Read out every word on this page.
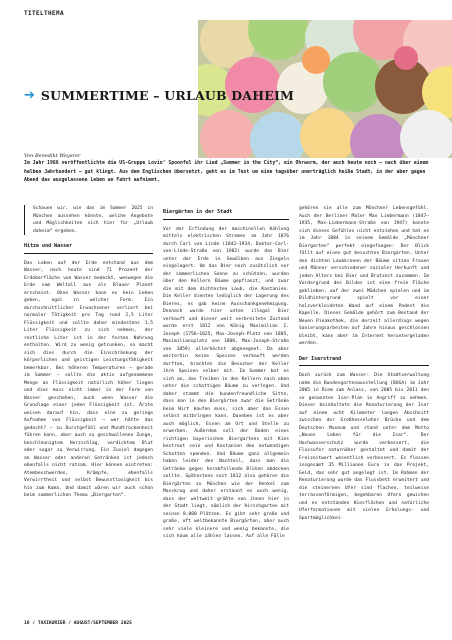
TITELTHEMA
➔ SUMMERTIME – URLAUB DAHEIM
Von Benedikt Weyerer
Im Jahr 1966 veröffentlichte die US-Gruppe Lovin’ Spoonful ihr Lied „Summer in the City“, ein Ohrwurm, der auch heute noch – nach über einem halben Jahrhundert – gut klingt. Aus dem Englischen übersetzt, geht es im Text um eine tagsüber unerträglich heiße Stadt, in der aber gegen Abend das ausgelassene Leben an Fahrt aufnimmt.
Schauen wir, wie das im Sommer 2025 in München aussehen könnte, welche Angebote und Möglichkeiten sich hier für „Urlaub daheim“ ergeben.
Hitze und Wasser
Das Leben auf der Erde entstand aus dem Wasser, noch heute sind 71 Prozent der Erdoberfläche von Wasser bedeckt, weswegen die Erde vom Weltall aus als Blauer Planet erscheint. Ohne Wasser kann es kein Leben geben, egal in welcher Form. Ein durchschnittlicher Erwachsener verliert bei normaler Tätigkeit pro Tag rund 2,5 Liter Flüssigkeit und sollte daher mindestens 1,5 Liter Flüssigkeit zu sich nehmen, der restliche Liter ist in der festen Nahrung enthalten. Wird zu wenig getrunken, so macht sich dies durch die Einschränkung der körperlichen und geistigen Leistungsfähigkeit bemerkbar. Bei höheren Temperaturen – gerade im Sommer – sollte die aktiv aufgenommene Menge an Flüssigkeit natürlich höher liegen und dies muss nicht immer in der Form von Wasser geschehen, auch wenn Wasser die Grundlage einer jeden Flüssigkeit ist. Ärzte weisen darauf hin, dass eine zu geringe Aufnahme von Flüssigkeit – wer hätte das gedacht? – zu Durstgefühl und Mundtrockenheit führen kann, aber auch zu geschwollenen Zunge, beschleunigtem Herzschlag, verdicktem Blut oder sogar zu Verwirrung. Ein Zuviel dagegen an Wasser oder anderen Getränken ist jedoch ebenfalls nicht ratsam. Hier können eintreten: Atembeschwerden, Krämpfe, ebenfalls Verwirrtheit und selbst Bewusstlosigkeit bis hin zum Koma. Und damit wären wir auch schon beim sommerlichen Thema „Biergarten“.
Biergärten in der Stadt
Vor der Erfindung der maschinellen Kühlung mittels elektrischen Stromes im Jahr 1876 durch Carl von Linde (1842–1934, Doktor-Carl-von-Linde-Straße von 1982) wurde das Bier unter der Erde in Gewölben aus Ziegeln eingelagert. Um das Bier noch zusätzlich vor der sommerlichen Sonne zu schützen, wurden über den Kellern Bäume gepflanzt, und zwar die mit dem dichtesten Laub, die Kastanien. Die Keller dienten lediglich der Lagerung des Bieres, es gab keine Ausschankgenehmigung. Dennoch wurde hier unten illegal Bier verkauft und dieser weit verbreitete Zustand wurde erst 1812 von König Maximilian I. Joseph (1756–1825, Max-Joseph-Platz von 1805, Maximiliansplatz von 1808, Max-Joseph-Straße von 1859) allerhöchst abgesegnet. Da aber weiterhin keine Speisen verkauft werden durften, brachten die Besucher der Keller ihre Speisen selber mit. Im Sommer bot es sich an, das Treiben in den Kellern nach oben unter die schattigen Bäume zu verlegen. Und daher stammt die kundenfreundliche Sitte, dass man in den Biergärten zwar die Getränke beim Wirt kaufen muss, sich aber das Essen selbst mitbringen kann. Daneben ist es aber auch möglich, Essen am Ort und Stelle zu erwerben. Außerdem soll der Boden eines richtigen bayerischen Biergartens mit Kies bestreut sein und Kastanien den notwendigen Schatten spenden. Und Bäume ganz allgemein haben leider den Nachteil, dass man die Getränke gegen herabfallende Blüten abdecken sollte. Spätestens seit 1812 also gehören die Biergärten zu München wie der Henkel zum Masskrug und daher erstaunt es auch wenig, dass der weltweit größte von ihnen hier in der Stadt liegt, nämlich der Hirschgarten mit seinen 8.000 Plätzen. Es gibt sehr große und große, oft weltbekannte Biergärten, aber auch sehr viele kleinere und wenig bekannte, die sich kaum alle zählen lassen. Auf alle Fälle
gehören sie alle zum Münchner Lebensgefühl. Auch der Berliner Maler Max Liebermann (1847–1935, Max-Liebermann-Straße von 1947) konnte sich dieses Gefühles nicht entziehen und hat es im Jahr 1884 in seinem Gemälde „Münchner Biergarten“ perfekt eingefangen: Der Blick fällt auf einen gut besuchten Biergarten. Unter den dichten Laubkronen der Bäume sitzen Frauen und Männer verschiedener sozialer Herkunft und jeden Alters bei Bier und Brotzeit zusammen. Im Vordergrund des Bildes ist eine freie Fläche geblieben, auf der zwei Mädchen spielen und im Bildhintergrund spielt vor einer holzverkleideten Wand auf einem Podest die Kapelle. Dieses Gemälde gehört zum Bestand der Neuen Pinakothek, die derzeit allerdings wegen Sanierungsarbeiten auf Jahre hinaus geschlossen bleibt, kann aber im Internet heruntergeladen werden.
Der Isarstrand
Doch zurück zum Wasser: Die Stadtverwaltung nahm die Bundesgartenausstellung (BUGA) im Jahr 2005 in Riem zum Anlass, von 2005 bis 2011 den so genannten Isar-Plan in Angriff zu nehmen. Dieser beinhaltete die Renaturierung der Isar auf einem acht Kilometer langen Abschnitt zwischen der Großhesseloher Brücke und dem Deutschen Museum und stand unter dem Motto „Neues Leben für die Isar“. Der Hochwasserschutz wurde verbessert, die Flussufer naturnäher gestaltet und damit der Freizeitwert wesentlich verbessert. Es flossen insgesamt 35 Millionen Euro in das Projekt, Geld, das sehr gut angelegt ist. Im Rahmen der Renaturierung wurde das Flussbett erweitert und die steinernen Ufer sind flachen, teilweise terrassenförmigen, begehbaren Ufern gewichen und es entstanden Kiesflächen und natürliche Uferformationen mit vielen Erholungs- und Sportmöglichkei-
16 / TAXIKURIER / AUGUST/SEPTEMBER 2025
